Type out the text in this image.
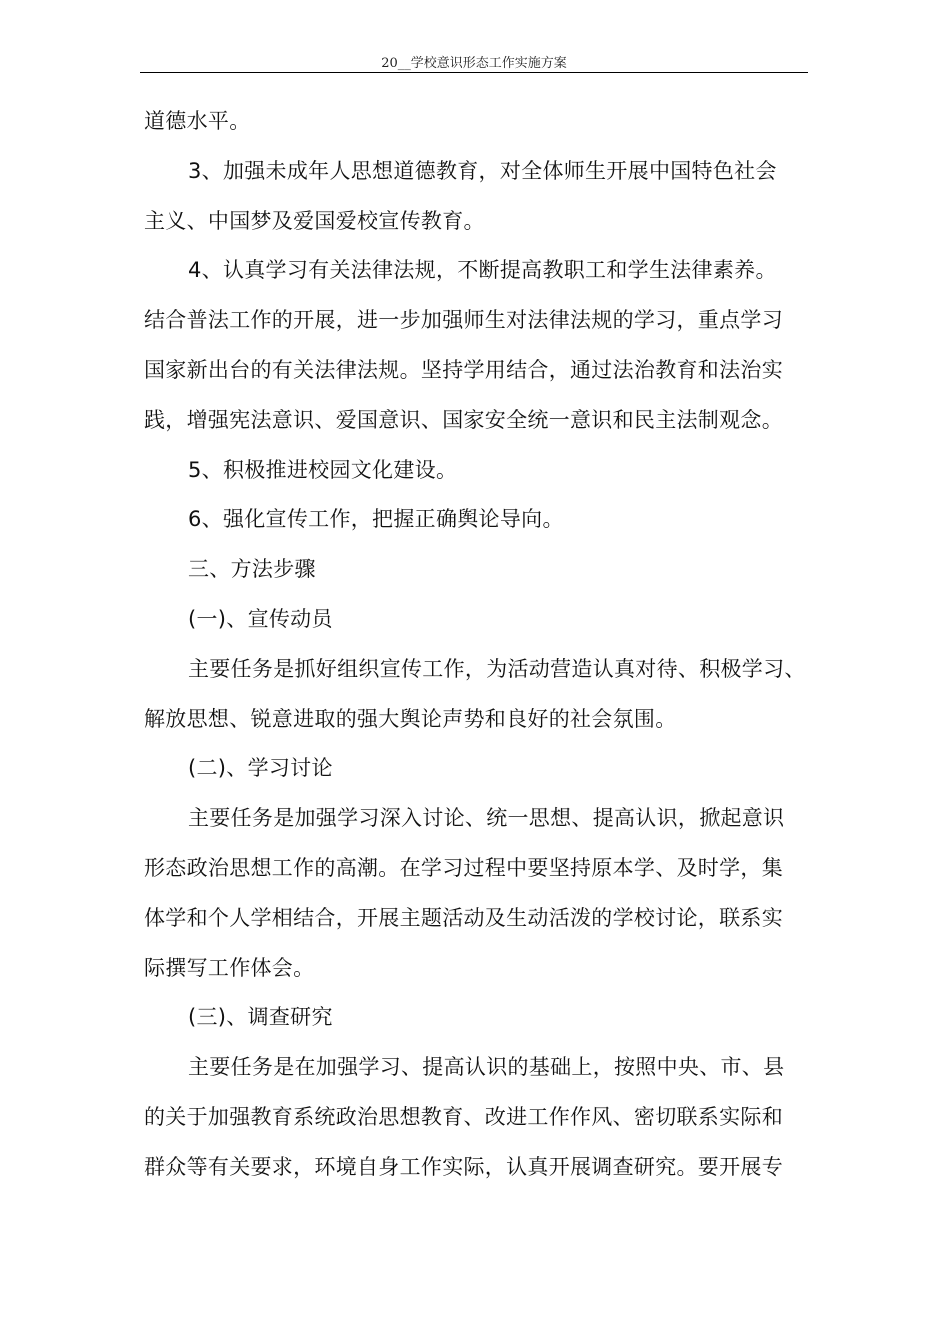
20__学校意识形态工作实施方案
道德水平。
3、加强未成年人思想道德教育，对全体师生开展中国特色社会
主义、中国梦及爱国爱校宣传教育。
4、认真学习有关法律法规，不断提高教职工和学生法律素养。
结合普法工作的开展，进一步加强师生对法律法规的学习，重点学习
国家新出台的有关法律法规。坚持学用结合，通过法治教育和法治实
践，增强宪法意识、爱国意识、国家安全统一意识和民主法制观念。
5、积极推进校园文化建设。
6、强化宣传工作，把握正确舆论导向。
三、方法步骤
(一)、宣传动员
主要任务是抓好组织宣传工作，为活动营造认真对待、积极学习、
解放思想、锐意进取的强大舆论声势和良好的社会氛围。
(二)、学习讨论
主要任务是加强学习深入讨论、统一思想、提高认识，掀起意识
形态政治思想工作的高潮。在学习过程中要坚持原本学、及时学，集
体学和个人学相结合，开展主题活动及生动活泼的学校讨论，联系实
际撰写工作体会。
(三)、调查研究
主要任务是在加强学习、提高认识的基础上，按照中央、市、县
的关于加强教育系统政治思想教育、改进工作作风、密切联系实际和
群众等有关要求，环境自身工作实际，认真开展调查研究。要开展专
